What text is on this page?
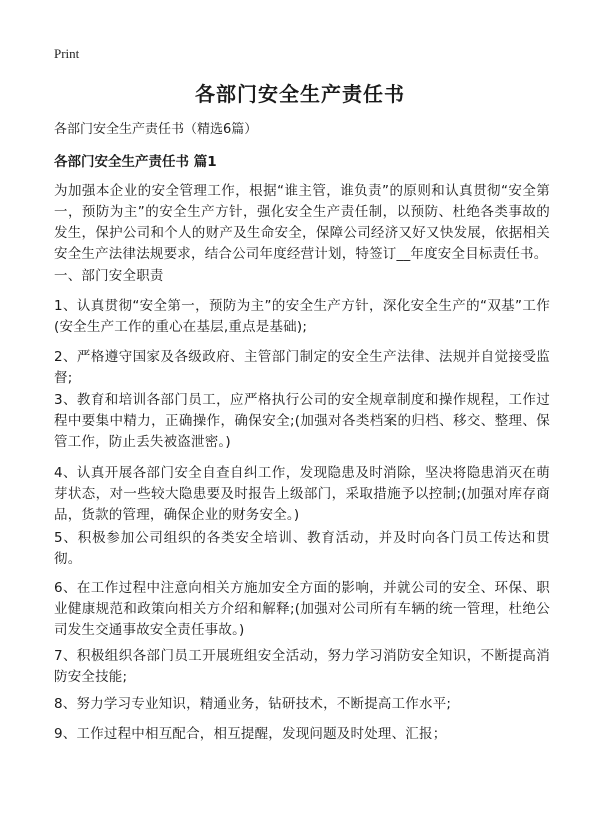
Print
各部门安全生产责任书
各部门安全生产责任书（精选6篇）
各部门安全生产责任书 篇1

为加强本企业的安全管理工作，根据“谁主管，谁负责”的原则和认真贯彻“安全第一，预防为主”的安全生产方针，强化安全生产责任制，以预防、杜绝各类事故的发生，保护公司和个人的财产及生命安全，保障公司经济又好又快发展，依据相关安全生产法律法规要求，结合公司年度经营计划，特签订__年度安全目标责任书。

一、部门安全职责

1、认真贯彻“安全第一，预防为主”的安全生产方针，深化安全生产的“双基”工作(安全生产工作的重心在基层,重点是基础);

2、严格遵守国家及各级政府、主管部门制定的安全生产法律、法规并自觉接受监督;

3、教育和培训各部门员工，应严格执行公司的安全规章制度和操作规程，工作过程中要集中精力，正确操作，确保安全;(加强对各类档案的归档、移交、整理、保管工作，防止丢失被盗泄密。)

4、认真开展各部门安全自查自纠工作，发现隐患及时消除，坚决将隐患消灭在萌芽状态，对一些较大隐患要及时报告上级部门，采取措施予以控制;(加强对库存商品，货款的管理，确保企业的财务安全。)

5、积极参加公司组织的各类安全培训、教育活动，并及时向各门员工传达和贯彻。

6、在工作过程中注意向相关方施加安全方面的影响，并就公司的安全、环保、职业健康规范和政策向相关方介绍和解释;(加强对公司所有车辆的统一管理，杜绝公司发生交通事故安全责任事故。)

7、积极组织各部门员工开展班组安全活动，努力学习消防安全知识，不断提高消防安全技能;

8、努力学习专业知识，精通业务，钻研技术，不断提高工作水平;

9、工作过程中相互配合，相互提醒，发现问题及时处理、汇报；
